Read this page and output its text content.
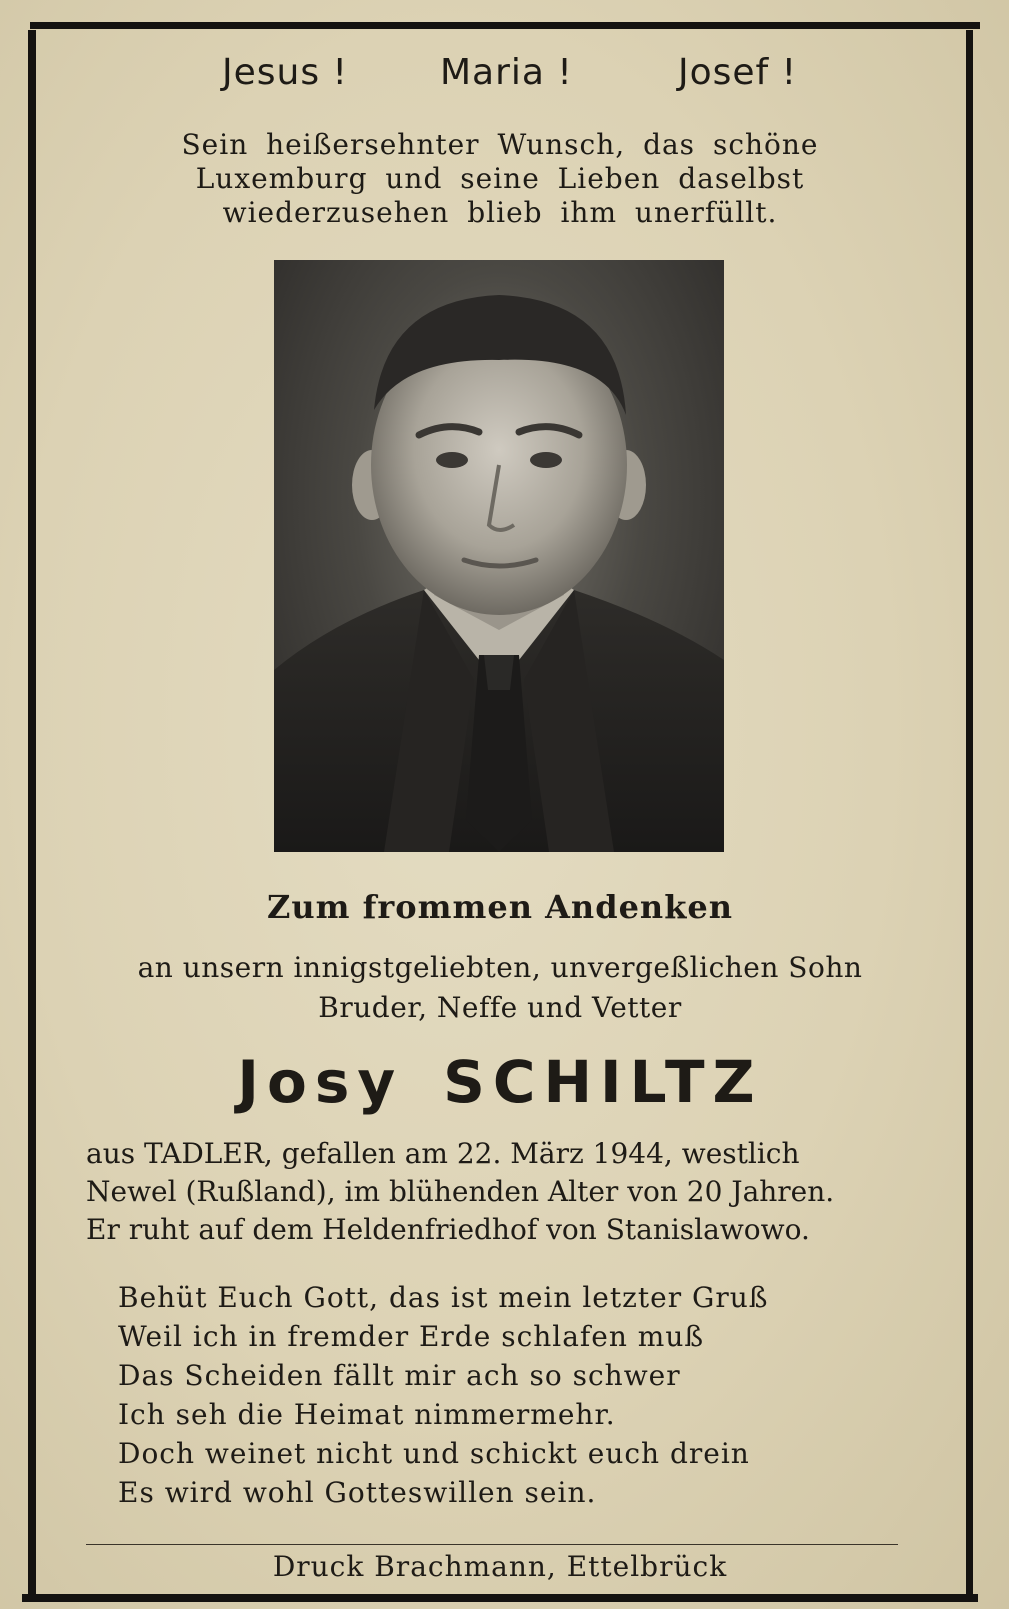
Jesus !	Maria !	Josef !
Sein heißersehnter Wunsch, das schöne
Luxemburg und seine Lieben daselbst
wiederzusehen blieb ihm unerfüllt.
Zum frommen Andenken
an unsern innigstgeliebten, unvergeßlichen Sohn
Bruder, Neffe und Vetter
Josy SCHILTZ
aus TADLER, gefallen am 22. März 1944, westlich
Newel (Rußland), im blühenden Alter von 20 Jahren.
Er ruht auf dem Heldenfriedhof von Stanislawowo.
Behüt Euch Gott, das ist mein letzter Gruß
Weil ich in fremder Erde schlafen muß
Das Scheiden fällt mir ach so schwer
Ich seh die Heimat nimmermehr.
Doch weinet nicht und schickt euch drein
Es wird wohl Gotteswillen sein.
Druck Brachmann, Ettelbrück
